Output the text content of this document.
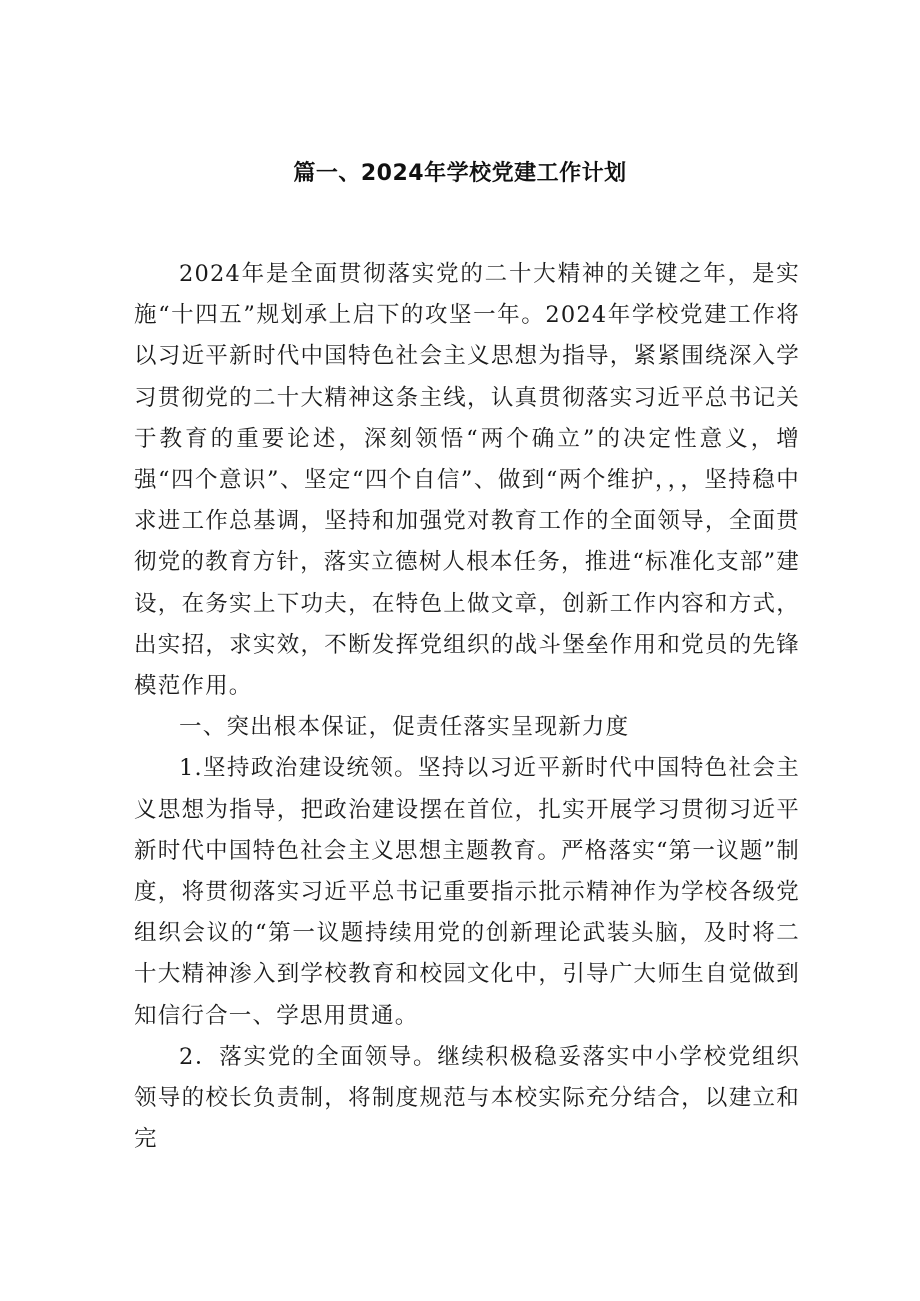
篇一、2024年学校党建工作计划

2024年是全面贯彻落实党的二十大精神的关键之年，是实施“十四五”规划承上启下的攻坚一年。2024年学校党建工作将以习近平新时代中国特色社会主义思想为指导，紧紧围绕深入学习贯彻党的二十大精神这条主线，认真贯彻落实习近平总书记关于教育的重要论述，深刻领悟“两个确立”的决定性意义，增强“四个意识”、坚定“四个自信”、做到“两个维护，，，坚持稳中求进工作总基调，坚持和加强党对教育工作的全面领导，全面贯彻党的教育方针，落实立德树人根本任务，推进“标准化支部”建设，在务实上下功夫，在特色上做文章，创新工作内容和方式，出实招，求实效，不断发挥党组织的战斗堡垒作用和党员的先锋模范作用。

一、突出根本保证，促责任落实呈现新力度

1.坚持政治建设统领。坚持以习近平新时代中国特色社会主义思想为指导，把政治建设摆在首位，扎实开展学习贯彻习近平新时代中国特色社会主义思想主题教育。严格落实“第一议题”制度，将贯彻落实习近平总书记重要指示批示精神作为学校各级党组织会议的“第一议题持续用党的创新理论武装头脑，及时将二十大精神渗入到学校教育和校园文化中，引导广大师生自觉做到知信行合一、学思用贯通。

2．落实党的全面领导。继续积极稳妥落实中小学校党组织领导的校长负责制，将制度规范与本校实际充分结合，以建立和完
